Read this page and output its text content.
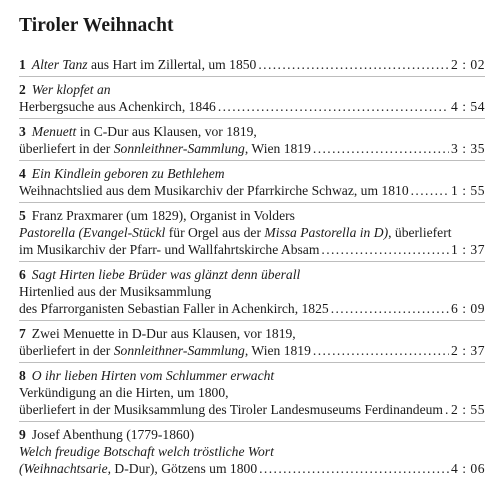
Tiroler Weihnacht
1 Alter Tanz aus Hart im Zillertal, um 1850 . . .	2 : 02
2 Wer klopfet an
Herbergsuche aus Achenkirch, 1846 . . .	4 : 54
3 Menuett in C-Dur aus Klausen, vor 1819,
überliefert in der Sonnleithner-Sammlung , Wien 1819 . . .	3 : 35
4 Ein Kindlein geboren zu Bethlehem
Weihnachtslied aus dem Musikarchiv der Pfarrkirche Schwaz, um 1810 . . .	1 : 55
5 Franz Praxmarer (um 1829), Organist in Volders
Pastorella (Evangel-Stückl für Orgel aus der Missa Pastorella in D) , überliefert
im Musikarchiv der Pfarr- und Wallfahrtskirche Absam . . .	1 : 37
6 Sagt Hirten liebe Brüder was glänzt denn überall
Hirtenlied aus der Musiksammlung
des Pfarrorganisten Sebastian Faller in Achenkirch, 1825 . . .	6 : 09
7 Zwei Menuette in D-Dur aus Klausen, vor 1819,
überliefert in der Sonnleithner-Sammlung , Wien 1819 . . .	2 : 37
8 O ihr lieben Hirten vom Schlummer erwacht
Verkündigung an die Hirten, um 1800,
überliefert in der Musiksammlung des Tiroler Landesmuseums Ferdinandeum . . . 2 : 55
9 Josef Abenthung (1779-1860)
Welch freudige Botschaft welch tröstliche Wort
(Weihnachtsarie , D-Dur), Götzens um 1800 . . .	4 : 06
